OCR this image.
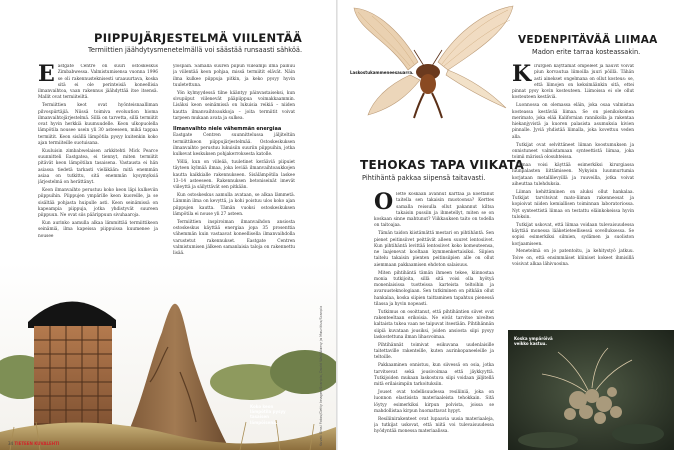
PIIPPUJÄRJESTELMÄ VIILENTÄÄ
Termiittien jäähdytysmenetelmällä voi säästää runsaasti sähköä.
E astgate Centre on suuri ostoskeskus Zimbabwessa. Valmistumisensa vuonna 1996 se oli rakennusteknisesti uraauurtava, koska sitä ei ole perinteisiä koneellisia ilmanvaihtoa, vaan rakennus jäähdyttää itse itsensä. Mallit ovat termiiteiltä.

Termiittien keot ovat hyönteisnaalliman pilvospiirtäjiä. Niissä toimiva evoluution hioma ilmanvaihtojärjestelmä. Sillä on tarvetta, sillä termiitit ovat hyvin herkkiä kuumuudelle. Keon ulkopuolella lämpötila nousee usein yli 30 asteeseen, mikä tappaa termiitit. Keon sisällä lämpötila pysyy kuitenkin koko ajan termiiteille suotuisana.

Kuuluisin zimbabwelaisen arkkitehti Mick Pearce suunnitteli Eastgatea, ei tiennyt, miten termiitit pitävät keon lämpötilan tasaisena. Vastausta ei hän asiassa tiedetä tarkasti vieläkään: mitä enemmän asiaa on tutkittu, sitä enemmän kysymyksiä järjestelmä on herättänyt.

Keon ilmanvaihto perustuu koko keon läpi kulkeviin piippuihin. Piippujen ympärille keon kuoreille, ja se sisältää pohjasta huipulle asti. Keon seinämissä on kapeampia piippuja, jotka yhdistyvät suureen piippuun. Ne ovat siis päärippuun sivuhaaroja.

Kun aurinko aamulla alkaa lämmittää termiittikeon seinämiä, ilma kapeissa piippuissa kuumenee ja nousee

ylöspäin. Samalla suuren piipun viileämpi ilma painuu ja viilentää keon pohjaa, missä termiitit elävät. Näin ilma kulkee piippuja pitkin, ja keko pysyy hyvin tuuletettuna.

Yön kylmyydessä tilne kääntyy päinvastaiseksi, kun sivupiiput viilenevät pääpiippua voimakkaammin. Lisäksi keon seinämissä on lukuisia reikiä – niiden kautta ilmanvaihtoaukkoja – joita termiitit voivat tarpeen mukaan avata ja sulkea.

Ilmanvaihto niele vähemmän energiaa

Eastgate Centren suunnittelussa jäljiteltiin termiittikeon piippujärjestelmää. Ostoskeskuksen ilmanvaihto perustuu lukuisiin suuriin piippuihin, jotka kulkevat keskuksen pohjakerroksesta katolle.

Yöllä, kun on viileää, tuuletinet kerääviä piipuiet täyteen kylmää ilmaa, joka leviää ilmanvaihtoaukkojen kautta kaikkialle rakennukseen. Sisälämpötila laskee 13–14 asteeseen. Rakennuksen betoniseinät imevät viileyttä ja säilyttävät sen pitkään.

Kun ostoskeskus aamulla avataan, se alkaa lämmetä. Lämmin ilma on kevyttä, ja kohi poistuu ulos koko ajan piippujen kautta. Tämän vuoksi ostoskeskuksen lämpötila ei nouse yli 27 asteen.

Termiittien inspiroiman ilmanvaihdon ansiosta ostoskeskus käyttää energiaa jopa 35 prosenttia vähemmän kuin vastaavat koneellisella ilmanvaihdolla varustetut rakennukset. Eastgate Centren valmistumisen jälkeen samanlaisia taloja on rakennettu lisää.

Koko keon lämpötila pysyy tasaisen lämpöisenä.	Kuvat: Emsi Fotos/Getty Images/Scanpix, David Wall/Alamy ja Mauritius/Scanpix
34 TIETEEN KUVALEHTI
Laskostukammeneesauarra.
TEHOKAS TAPA VIIKATA
Pihtihäntä pakkaa siipensä taitavasti.
O lette koskaan avannut karttaa ja koettanut taitella sen takaisin muotoonsa? Kerttes samalla reissulla ollut pakannut kiltsa takaisin pussiin ja ihmetellyt, miten se on koskaan sinne mahtunut? Viikkauksen taito on todella on taitoajaa.

Tämän taidon kiistämättä mestari on pihtihäntä. Sen pienet peitinsiivet peittävät alleen suuret lentosiivet. Kun pihtihäntä levittää lentosiivet koko komeuteensa, ne laajenevat kooltaan kymmenkertaisiksi. Siipien taitelu takaisin pienten peitinsiipien alle on ollut aiemmaan pakkaamisen ehdoton salaisuus.

Miten pihtihäntä tämän ihmeen tekee, kiinnostaa monia tutkijoita, sillä sitä voisi olla hyötyä monenlaisissa tuotteissa karteista teltoihin ja avaruusteknologiaan. Sen tutkiminen on pitkään ollut hankalaa, koska siipien taittaminen tapahtuu pienessä tilassa ja hyvin nopeasti.

Tutkimus on osoittanut, että pihtihäntien siivet ovat rakenteeltaan erikoisia. Ne eivät tarvitse nivelten kaltaista tukea vaan ne taipuvat itsestään. Pihtihännän siipiä kuvataan jousiksi, joiden ansiosta siipi pysyy laskostettuna ilman lihasvoimaa.

Pihtihännät toimivat esikuvana uudenlaisille taitettaville rakenteille, kuten aurinkopaneeleille ja teltoille.

Pakkaaminen onnistuu, kun siivessä on osia, jotka tarvitsevat sekä jousivoimaa että jäykkyyttä. Tutkijoiden mukaan laskostuva siipi voidaan jäljitellä mitä erilaisimpiin tarkoituksiin.

Jouset ovat todellisuudessa resiliiniä, joka on luonnon elastisista materiaaleista tehokkain. Sitä löytyy esimerkiksi kirpun polvista, joissa se mahdollistaa kirpun huomattavat hypyt.

Resiliinirakenteet ovat lupaavia uusia materiaaleja, ja tutkijat uskovat, että niitä voi tulevaisuudessa hyödyntää monessa materiaalissa.

VEDENPITÄVÄÄ LIIMAA
Madon erite tarraa kosteassakin.
K irurgien käyttämät ompeleet ja nauvit voivat piun korvautua liimoilla juuri pöillä. Tähän asti ainekset ongelmana on ollut kosteus: se, että liimojen on keksimäänkin sitä, ettei pinnat pysy kovin kosteuteen. Liimoissa ei ole ollut kosteuteen kestäviä.

Luonnossa on olemassa eläin, joka osaa valmistaa kosteassa kestävää liimaa. Se on pienikokoinen merimato, joka elää Kalifornian rannikolla ja rakentaa hiekanjyvistä ja kuoren palasista asumuksia kivien pinnalle. Jyviä yhdistää liimalla, joka kovettuu veden alla.

Tutkijat ovat selvittäneet liiman koostumuksen ja onnistuneet valmistamaan synteettistä liimaa, joka toimii märissä olosuhteissa.

Liimaa voisi käyttää esimerkiksi kirurgiassa luunpalasten liittämiseen. Nykyisin luunmurtumia korjataan metallilevyillä ja ruuveilla, jotka voivat aiheuttaa tulehduksia.

Liiman kehittäminen on aluksi ollut hankalaa. Tutkijat tarvitsivat mato-liiman rakenneosat ja kopioivat niiden kemiallisen toiminnan laboratoriossa. Nyt synteettistä liimaa on testattu eläinkokeissa hyvin tuloksin.

Tutkijat uskovat, että liimaa voidaan tulevaisuudessa käyttää monessa lääketieteellisessä sovelluksessa. Se sopisi esimerkiksi silmien, sydämen ja suoliston korjaamiseen.

Menetelmä on jo patentoitu, ja kehitystyö jatkuu. Toive on, että ensimmäiset kliiniset kokeet ihmisillä voisivat alkaa lähivuosina.

Koska ympäröivä veikko kastuu.
